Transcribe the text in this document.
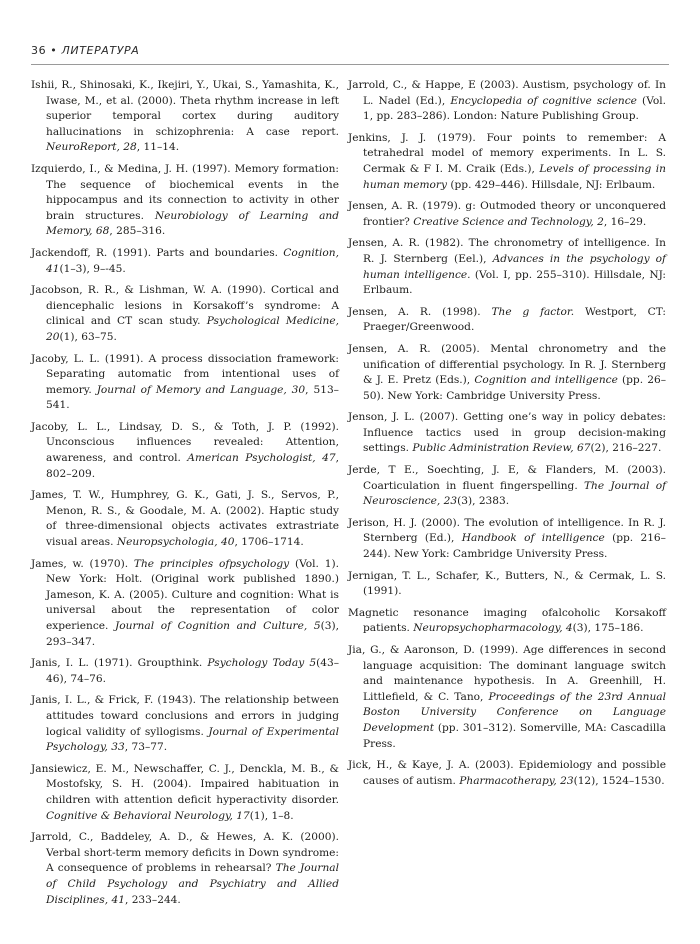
36 • ЛИТЕРАТУРА

Ishii, R., Shinosaki, K., Ikejiri, Y., Ukai, S., Yamashita, K., Iwase, M., et al. (2000). Theta rhythm increase in left superior temporal cortex during auditory hallucinations in schizophrenia: A case report. NeuroReport, 28, 11–14.

Izquierdo, I., & Medina, J. H. (1997). Memory formation: The sequence of biochemical events in the hippocampus and its connection to activity in other brain structures. Neurobiology of Learning and Memory, 68, 285–316.

Jackendoff, R. (1991). Parts and boundaries. Cognition, 41(1–3), 9–-45.

Jacobson, R. R., & Lishman, W. A. (1990). Cortical and diencephalic lesions in Korsakoff’s syndrome: A clinical and CT scan study. Psychological Medicine, 20(1), 63–75.

Jacoby, L. L. (1991). A process dissociation framework: Separating automatic from intentional uses of memory. Journal of Memory and Language, 30, 513–541.

Jacoby, L. L., Lindsay, D. S., & Toth, J. P. (1992). Unconscious influences revealed: Attention, awareness, and control. American Psychologist, 47, 802–209.

James, T. W., Humphrey, G. K., Gati, J. S., Servos, P., Menon, R. S., & Goodale, M. A. (2002). Haptic study of three-dimensional objects activates extrastriate visual areas. Neuropsychologia, 40, 1706–1714.

James, w. (1970). The principles ofpsychology (Vol. 1). New York: Holt. (Original work published 1890.) Jameson, K. A. (2005). Culture and cognition: What is universal about the representation of color experience. Journal of Cognition and Culture, 5(3), 293–347.

Janis, I. L. (1971). Groupthink. Psychology Today 5(43–46), 74–76.

Janis, I. L., & Frick, F. (1943). The relationship between attitudes toward conclusions and errors in judging logical validity of syllogisms. Journal of Experimental Psychology, 33, 73–77.

Jansiewicz, E. M., Newschaffer, C. J., Denckla, M. B., & Mostofsky, S. H. (2004). Impaired habituation in children with attention deficit hyperactivity disorder. Cognitive & Behavioral Neurology, 17(1), 1–8.

Jarrold, C., Baddeley, A. D., & Hewes, A. K. (2000). Verbal short-term memory deficits in Down syndrome: A consequence of problems in rehearsal? The Journal of Child Psychology and Psychiatry and Allied Disciplines, 41, 233–244.

Jarrold, C., & Happe, E (2003). Austism, psychology of. In L. Nadel (Ed.), Encyclopedia of cognitive science (Vol. 1, pp. 283–286). London: Nature Publishing Group.

Jenkins, J. J. (1979). Four points to remember: A tetrahedral model of memory experiments. In L. S. Cermak & F I. M. Craik (Eds.), Levels of processing in human memory (pp. 429–446). Hillsdale, NJ: Erlbaum.

Jensen, A. R. (1979). g: Outmoded theory or unconquered frontier? Creative Science and Technology, 2, 16–29.

Jensen, A. R. (1982). The chronometry of intelligence. In R. J. Sternberg (Eel.), Advances in the psychology of human intelligence. (Vol. I, pp. 255–310). Hillsdale, NJ: Erlbaum.

Jensen, A. R. (1998). The g factor. Westport, CT: Praeger/Greenwood.

Jensen, A. R. (2005). Mental chronometry and the unification of differential psychology. In R. J. Sternberg & J. E. Pretz (Eds.), Cognition and intelligence (pp. 26–50). New York: Cambridge University Press.

Jenson, J. L. (2007). Getting one’s way in policy debates: Influence tactics used in group decision-making settings. Public Administration Review, 67(2), 216–227.

Jerde, T E., Soechting, J. E, & Flanders, M. (2003). Coarticulation in fluent fingerspelling. The Journal of Neuroscience, 23(3), 2383.

Jerison, H. J. (2000). The evolution of intelligence. In R. J. Sternberg (Ed.), Handbook of intelligence (pp. 216–244). New York: Cambridge University Press.

Jernigan, T. L., Schafer, K., Butters, N., & Cermak, L. S. (1991).

Magnetic resonance imaging ofalcoholic Korsakoff patients. Neuropsychopharmacology, 4(3), 175–186.

Jia, G., & Aaronson, D. (1999). Age differences in second language acquisition: The dominant language switch and maintenance hypothesis. In A. Greenhill, H. Littlefield, & C. Tano, Proceedings of the 23rd Annual Boston University Conference on Language Development (pp. 301–312). Somerville, MA: Cascadilla Press.

Jick, H., & Kaye, J. A. (2003). Epidemiology and possible causes of autism. Pharmacotherapy, 23(12), 1524–1530.
